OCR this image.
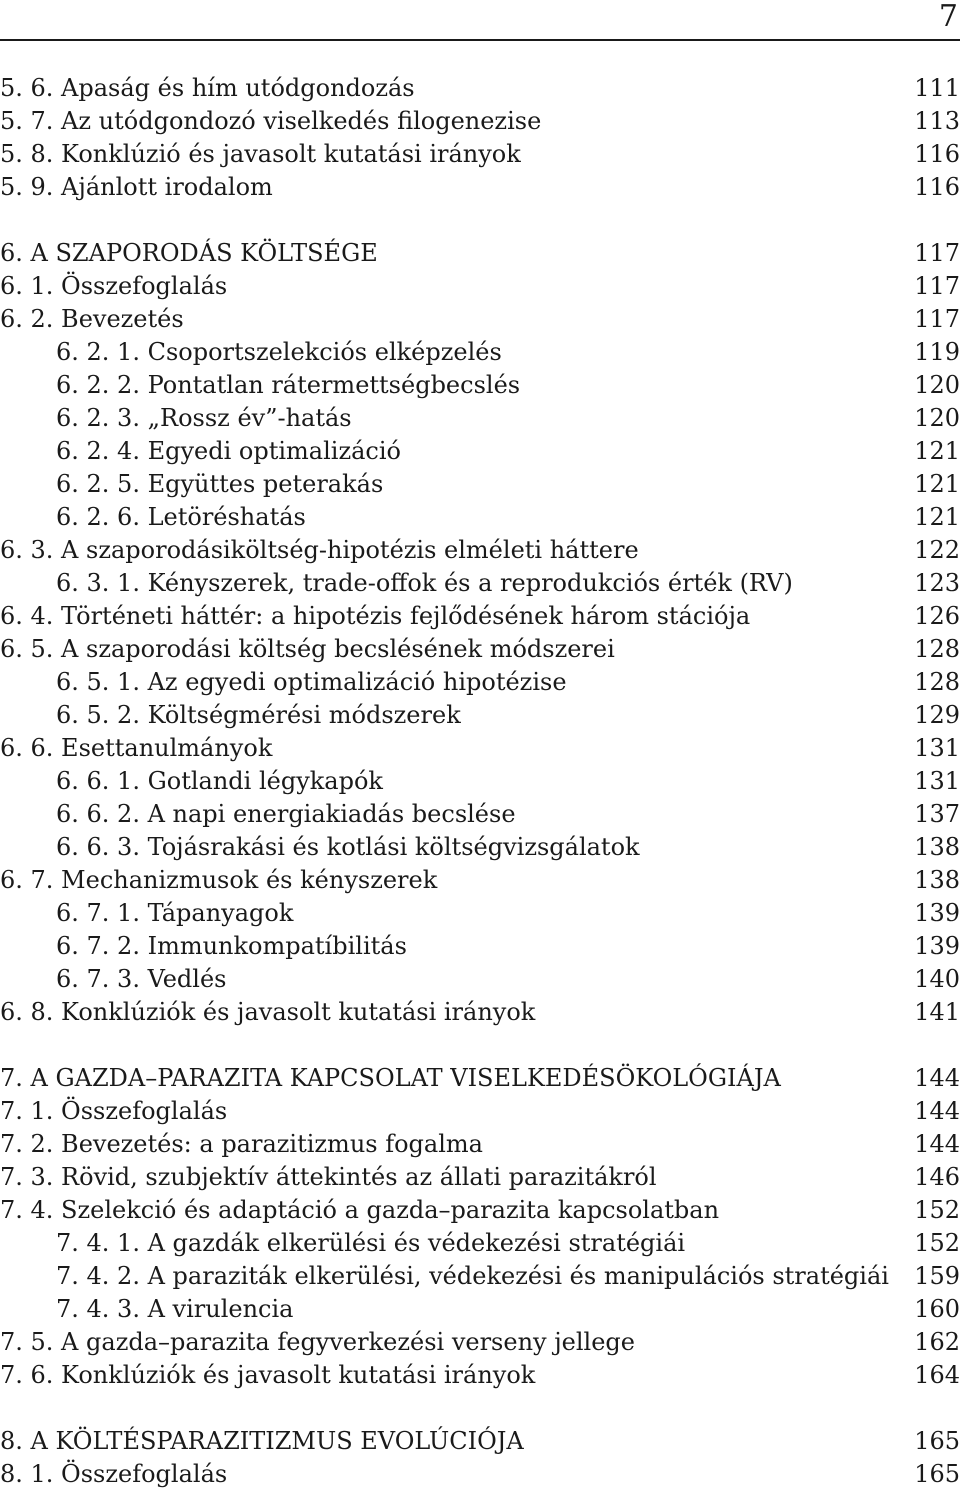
7
5. 6. Apaság és hím utódgondozás	111
5. 7. Az utódgondozó viselkedés filogenezise	113
5. 8. Konklúzió és javasolt kutatási irányok	116
5. 9. Ajánlott irodalom	116
6. A SZAPORODÁS KÖLTSÉGE	117
6. 1. Összefoglalás	117
6. 2. Bevezetés	117
6. 2. 1. Csoportszelekciós elképzelés	119
6. 2. 2. Pontatlan rátermettségbecslés	120
6. 2. 3. „Rossz év”-hatás	120
6. 2. 4. Egyedi optimalizáció	121
6. 2. 5. Együttes peterakás	121
6. 2. 6. Letöréshatás	121
6. 3. A szaporodásiköltség-hipotézis elméleti háttere	122
6. 3. 1. Kényszerek, trade-offok és a reprodukciós érték (RV)	123
6. 4. Történeti háttér: a hipotézis fejlődésének három stációja	126
6. 5. A szaporodási költség becslésének módszerei	128
6. 5. 1. Az egyedi optimalizáció hipotézise	128
6. 5. 2. Költségmérési módszerek	129
6. 6. Esettanulmányok	131
6. 6. 1. Gotlandi légykapók	131
6. 6. 2. A napi energiakiadás becslése	137
6. 6. 3. Tojásrakási és kotlási költségvizsgálatok	138
6. 7. Mechanizmusok és kényszerek	138
6. 7. 1. Tápanyagok	139
6. 7. 2. Immunkompatíbilitás	139
6. 7. 3. Vedlés	140
6. 8. Konklúziók és javasolt kutatási irányok	141
7. A GAZDA–PARAZITA KAPCSOLAT VISELKEDÉSÖKOLÓGIÁJA	144
7. 1. Összefoglalás	144
7. 2. Bevezetés: a parazitizmus fogalma	144
7. 3. Rövid, szubjektív áttekintés az állati parazitákról	146
7. 4. Szelekció és adaptáció a gazda–parazita kapcsolatban	152
7. 4. 1. A gazdák elkerülési és védekezési stratégiái	152
7. 4. 2. A paraziták elkerülési, védekezési és manipulációs stratégiái	159
7. 4. 3. A virulencia	160
7. 5. A gazda–parazita fegyverkezési verseny jellege	162
7. 6. Konklúziók és javasolt kutatási irányok	164
8. A KÖLTÉSPARAZITIZMUS EVOLÚCIÓJA	165
8. 1. Összefoglalás	165
